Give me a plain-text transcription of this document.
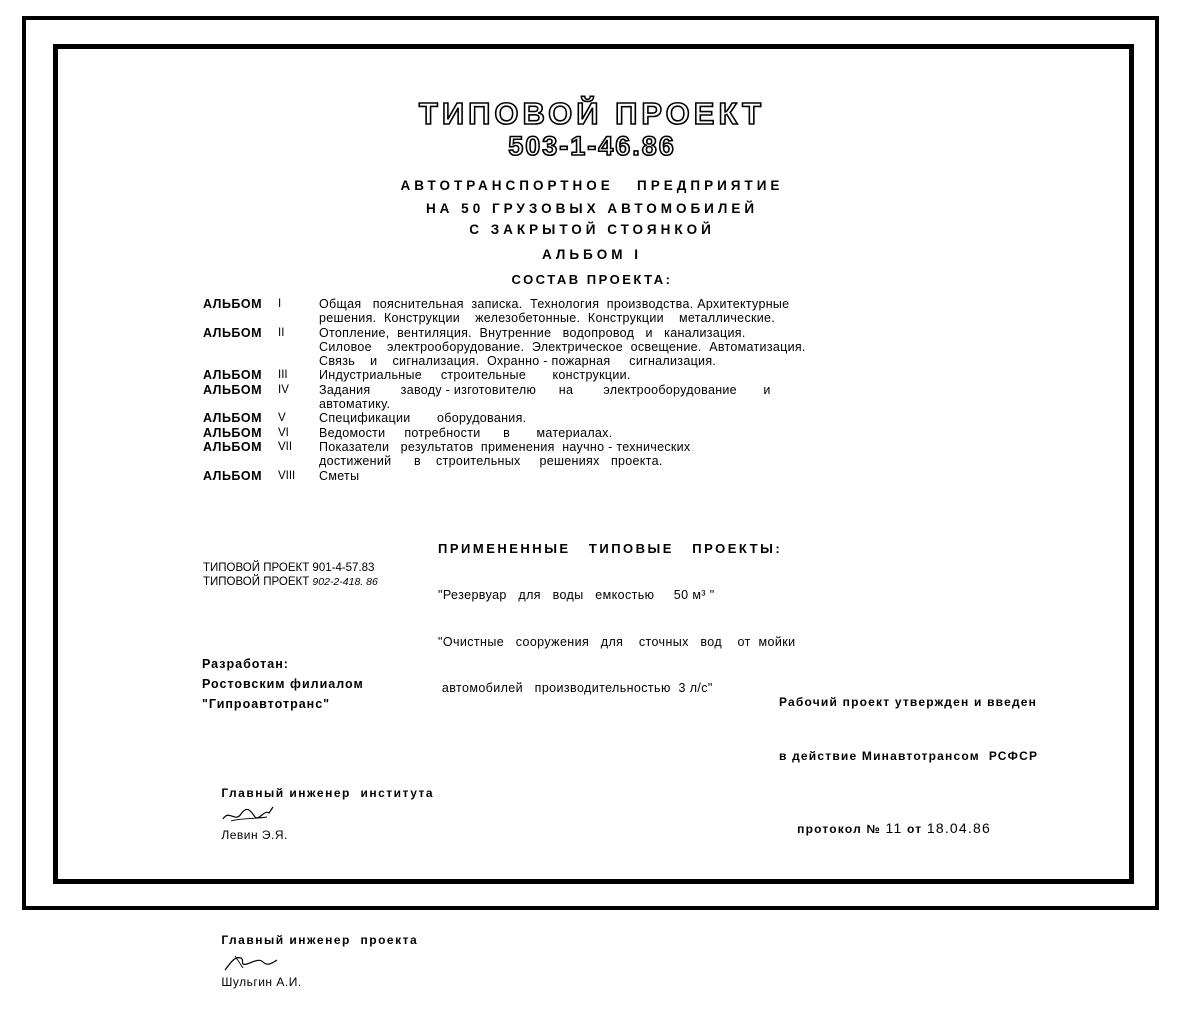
ТИПОВОЙ ПРОЕКТ
503-1-46.86
АВТОТРАНСПОРТНОЕ   ПРЕДПРИЯТИЕ
НА 50 ГРУЗОВЫХ АВТОМОБИЛЕЙ
С ЗАКРЫТОЙ СТОЯНКОЙ
АЛЬБОМ I
СОСТАВ ПРОЕКТА:
АЛЬБОМ	I	Общая   пояснительная  записка.  Технология  производства. Архитектурные
решения.  Конструкции    железобетонные.  Конструкции    металлические.
АЛЬБОМ	II	Отопление,  вентиляция.  Внутренние   водопровод   и   канализация.
Силовое    электрооборудование.  Электрическое  освещение.  Автоматизация.
Связь    и    сигнализация.  Охранно - пожарная     сигнализация.
АЛЬБОМ	III	Индустриальные     строительные       конструкции.
АЛЬБОМ	IV	Задания        заводу - изготовителю      на        электрооборудование       и
автоматику.
АЛЬБОМ	V	Спецификации       оборудования.
АЛЬБОМ	VI	Ведомости     потребности      в       материалах.
АЛЬБОМ	VII	Показатели   результатов  применения  научно - технических
достижений      в    строительных     решениях   проекта.
АЛЬБОМ	VIII	Сметы
ПРИМЕНЕННЫЕ   ТИПОВЫЕ   ПРОЕКТЫ:
ТИПОВОЙ ПРОЕКТ 901-4-57.83
ТИПОВОЙ ПРОЕКТ 902-2-418. 86

"Резервуар   для   воды   емкостью     50 м³ "

"Очистные   сооружения   для    сточных   вод    от  мойки

автомобилей   производительностью  3 л/с"

Разработан:
Ростовским филиалом
"Гипроавтотранс"

Главный инженер  института

Левин Э.Я.

Главный инженер  проекта

Шульгин А.И.

Рабочий проект утвержден и введен

в действие Минавтотрансом  РСФСР

протокол № 11 от 18.04.86
